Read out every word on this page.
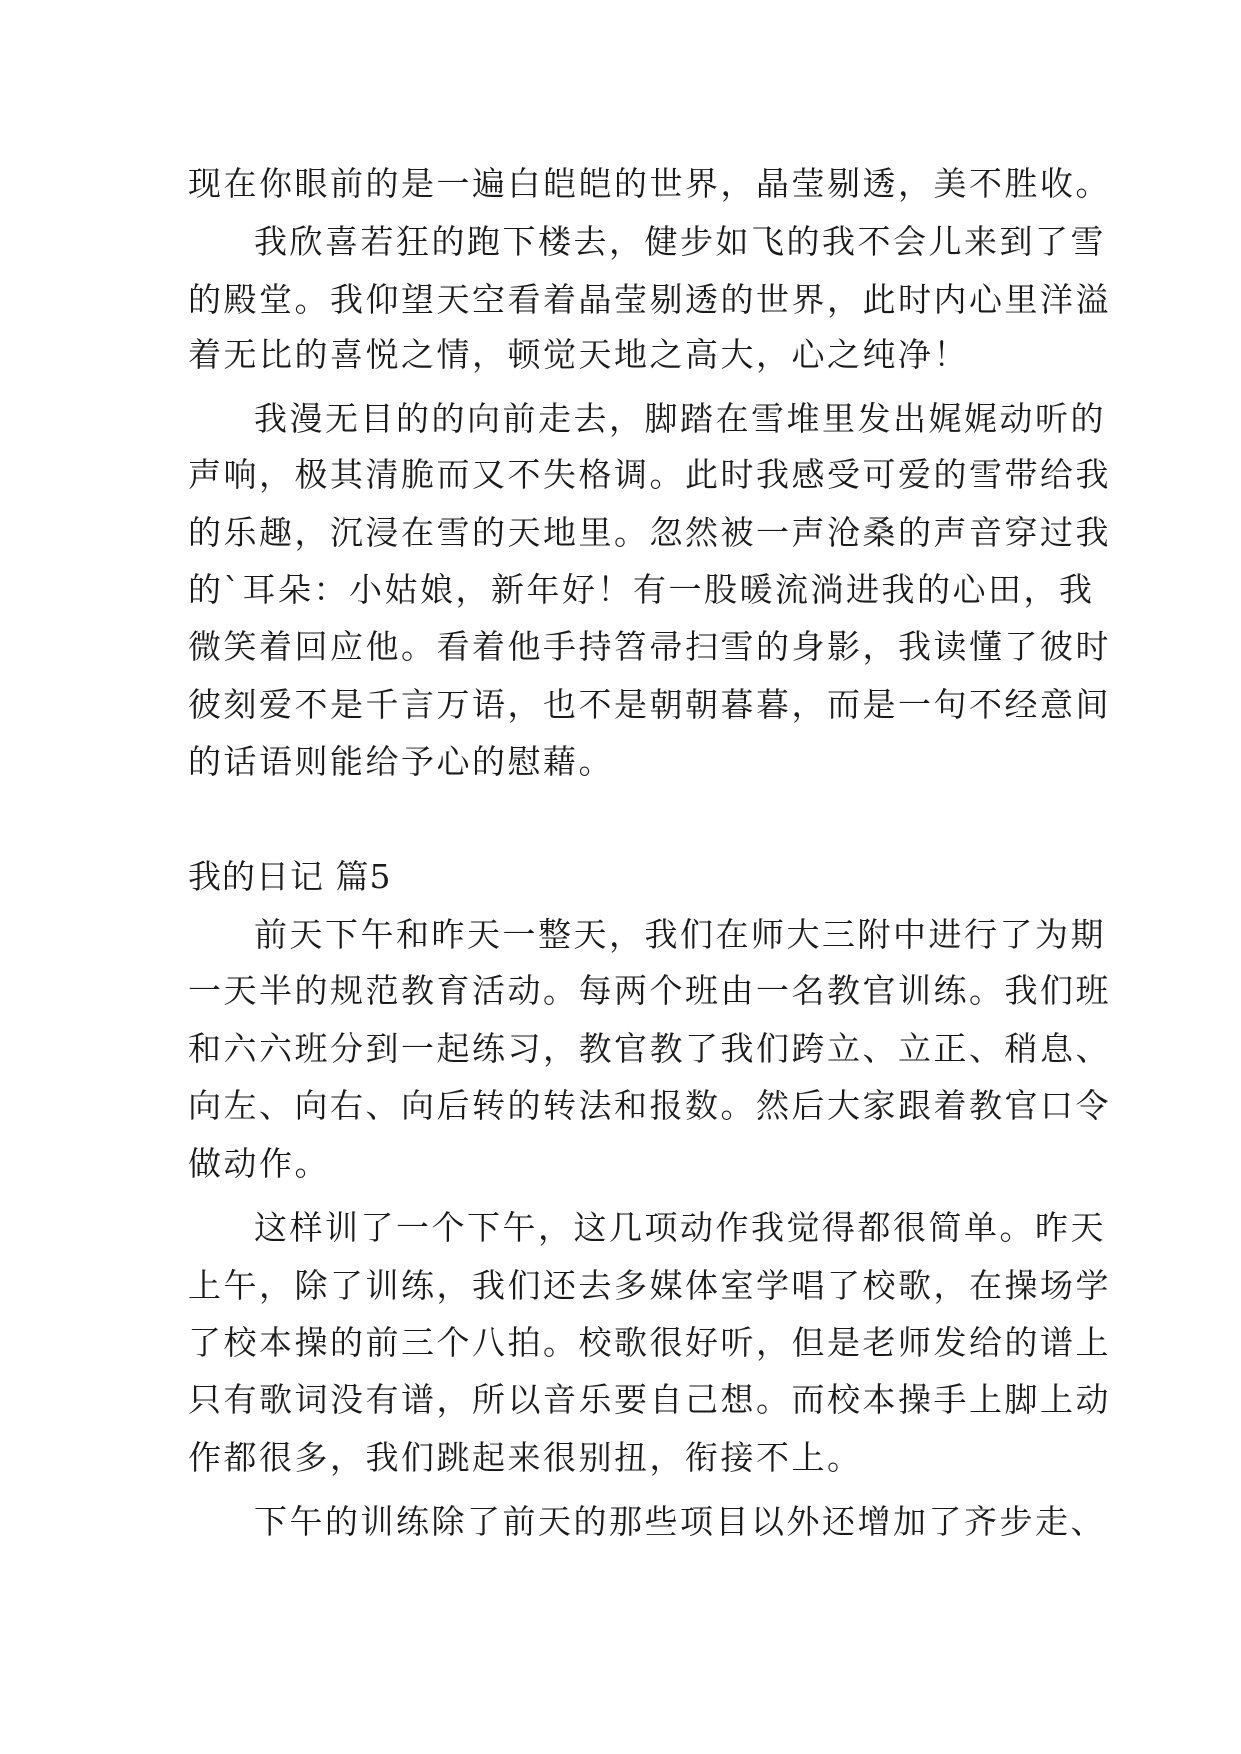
现在你眼前的是一遍白皑皑的世界，晶莹剔透，美不胜收。
我欣喜若狂的跑下楼去，健步如飞的我不会儿来到了雪
的殿堂。我仰望天空看着晶莹剔透的世界，此时内心里洋溢
着无比的喜悦之情，顿觉天地之高大，心之纯净！
我漫无目的的向前走去，脚踏在雪堆里发出娓娓动听的
声响，极其清脆而又不失格调。此时我感受可爱的雪带给我
的乐趣，沉浸在雪的天地里。忽然被一声沧桑的声音穿过我
的`耳朵：小姑娘，新年好！有一股暖流淌进我的心田，我
微笑着回应他。看着他手持笤帚扫雪的身影，我读懂了彼时
彼刻爱不是千言万语，也不是朝朝暮暮，而是一句不经意间
的话语则能给予心的慰藉。
我的日记 篇5
前天下午和昨天一整天，我们在师大三附中进行了为期
一天半的规范教育活动。每两个班由一名教官训练。我们班
和六六班分到一起练习，教官教了我们跨立、立正、稍息、
向左、向右、向后转的转法和报数。然后大家跟着教官口令
做动作。
这样训了一个下午，这几项动作我觉得都很简单。昨天
上午，除了训练，我们还去多媒体室学唱了校歌，在操场学
了校本操的前三个八拍。校歌很好听，但是老师发给的谱上
只有歌词没有谱，所以音乐要自己想。而校本操手上脚上动
作都很多，我们跳起来很别扭，衔接不上。
下午的训练除了前天的那些项目以外还增加了齐步走、
